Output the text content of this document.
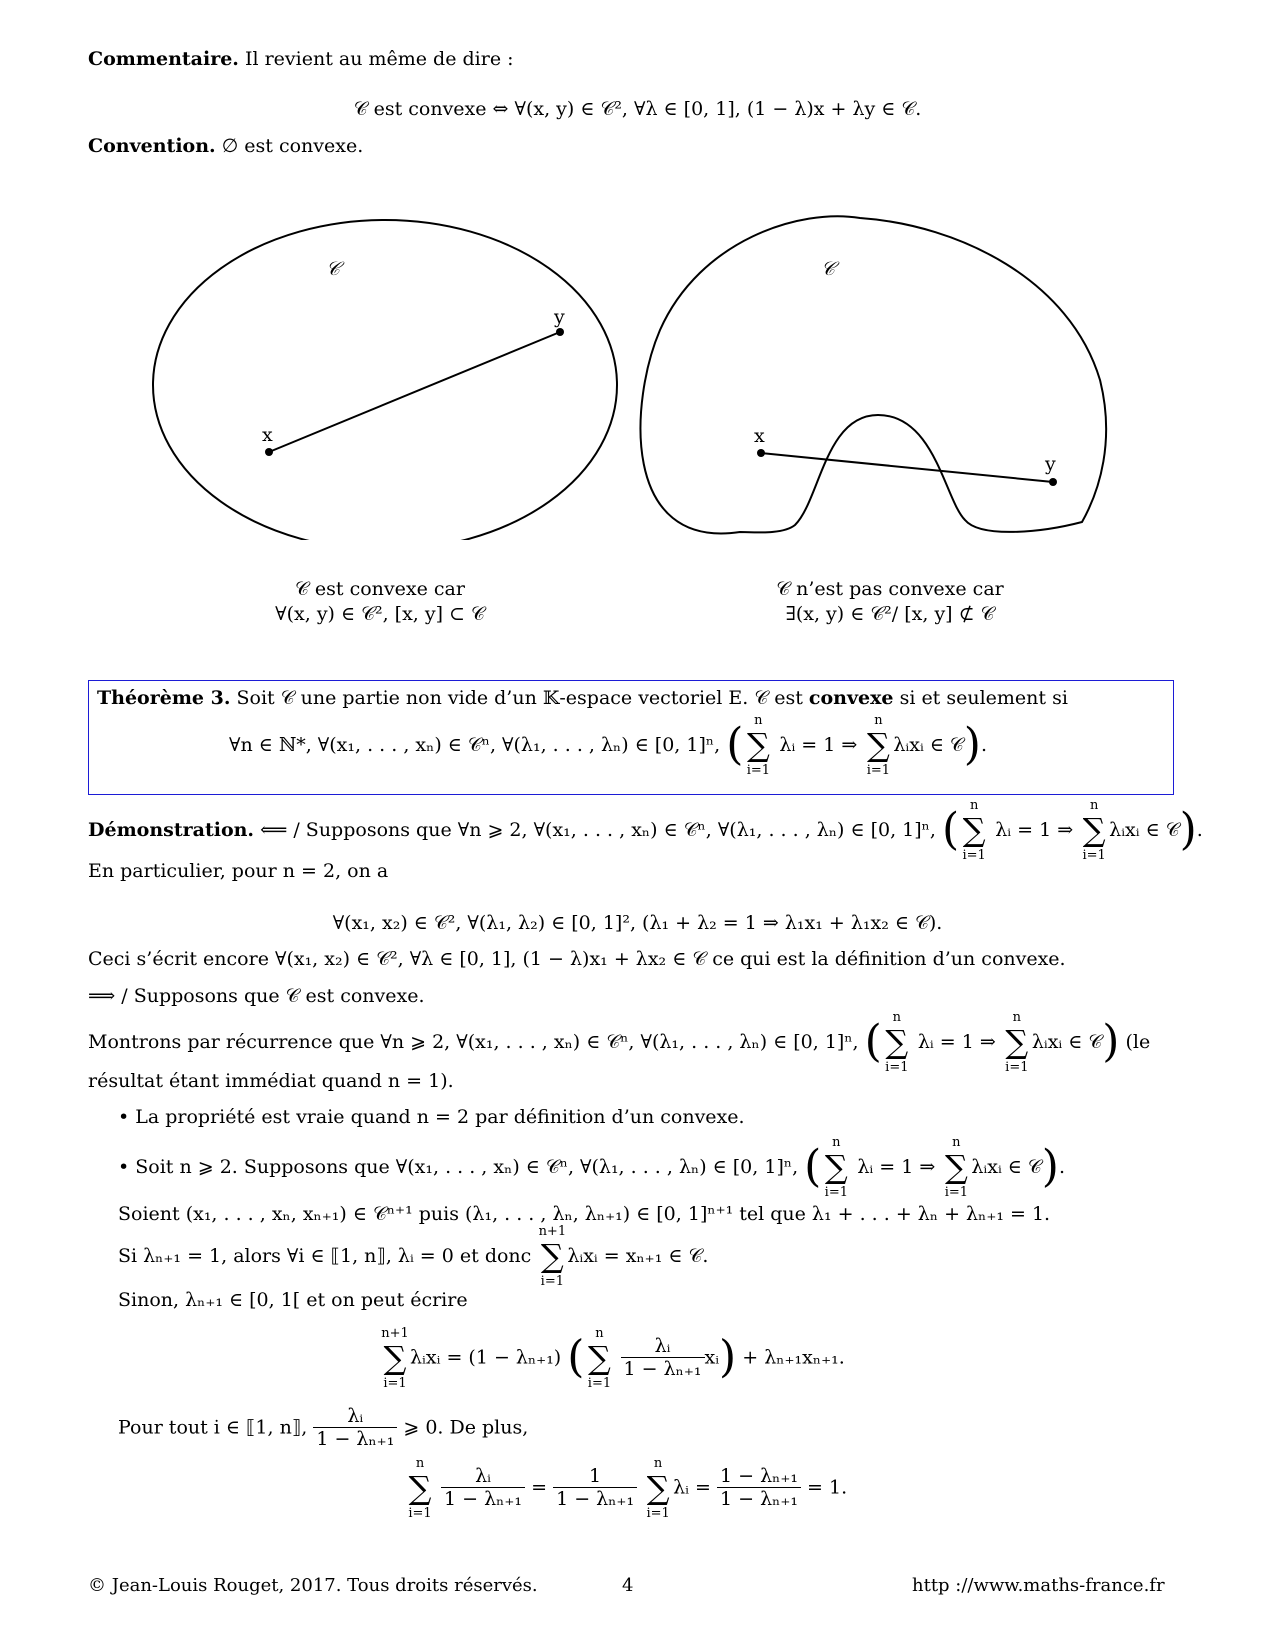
Commentaire. Il revient au même de dire :
𝒞 est convexe ⇔ ∀(x, y) ∈ 𝒞², ∀λ ∈ [0, 1], (1 − λ)x + λy ∈ 𝒞.
Convention. ∅ est convexe.
𝒞
y
x
𝒞
x
y
𝒞 est convexe car
∀(x, y) ∈ 𝒞², [x, y] ⊂ 𝒞
𝒞 n’est pas convexe car
∃(x, y) ∈ 𝒞²/ [x, y] ⊄ 𝒞
Théorème 3. Soit 𝒞 une partie non vide d’un 𝕂-espace vectoriel E. 𝒞 est convexe si et seulement si
∀n ∈ ℕ*, ∀(x₁, . . . , xₙ) ∈ 𝒞ⁿ, ∀(λ₁, . . . , λₙ) ∈ [0, 1]ⁿ, ( n
∑
i=1
λᵢ = 1 ⇒
n
∑
i=1
λᵢxᵢ ∈ 𝒞).
Démonstration. ⟸ / Supposons que ∀n ⩾ 2, ∀(x₁, . . . , xₙ) ∈ 𝒞ⁿ, ∀(λ₁, . . . , λₙ) ∈ [0, 1]ⁿ, ( n
∑
i=1
λᵢ = 1 ⇒
n
∑
i=1
λᵢxᵢ ∈ 𝒞).
En particulier, pour n = 2, on a
∀(x₁, x₂) ∈ 𝒞², ∀(λ₁, λ₂) ∈ [0, 1]², (λ₁ + λ₂ = 1 ⇒ λ₁x₁ + λ₁x₂ ∈ 𝒞).
Ceci s’écrit encore ∀(x₁, x₂) ∈ 𝒞², ∀λ ∈ [0, 1], (1 − λ)x₁ + λx₂ ∈ 𝒞 ce qui est la définition d’un convexe.
⟹ / Supposons que 𝒞 est convexe.
Montrons par récurrence que ∀n ⩾ 2, ∀(x₁, . . . , xₙ) ∈ 𝒞ⁿ, ∀(λ₁, . . . , λₙ) ∈ [0, 1]ⁿ, ( n
∑
i=1
λᵢ = 1 ⇒
n
∑
i=1
λᵢxᵢ ∈ 𝒞) (le
résultat étant immédiat quand n = 1).
• La propriété est vraie quand n = 2 par définition d’un convexe.
• Soit n ⩾ 2. Supposons que ∀(x₁, . . . , xₙ) ∈ 𝒞ⁿ, ∀(λ₁, . . . , λₙ) ∈ [0, 1]ⁿ, ( n
∑
i=1
λᵢ = 1 ⇒
n
∑
i=1
λᵢxᵢ ∈ 𝒞).
Soient (x₁, . . . , xₙ, xₙ₊₁) ∈ 𝒞ⁿ⁺¹ puis (λ₁, . . . , λₙ, λₙ₊₁) ∈ [0, 1]ⁿ⁺¹ tel que λ₁ + . . . + λₙ + λₙ₊₁ = 1.
Si λₙ₊₁ = 1, alors ∀i ∈ ⟦1, n⟧, λᵢ = 0 et donc
n+1
∑
i=1
λᵢxᵢ = xₙ₊₁ ∈ 𝒞.
Sinon, λₙ₊₁ ∈ [0, 1[ et on peut écrire
n+1
∑
i=1
λᵢxᵢ = (1 − λₙ₊₁) ( n
∑
i=1

$\frac{\text{λᵢ}}{\text{1 − λₙ₊₁}}$ xᵢ) + λₙ₊₁xₙ₊₁.
Pour tout i ∈ ⟦1, n⟧, $\frac{\text{λᵢ}}{\text{1 − λₙ₊₁}}$ ⩾ 0. De plus,
n
∑
i=1

$\frac{\text{λᵢ}}{\text{1 − λₙ₊₁}} = \frac{1}{\text{1 − λₙ₊₁}}$

n
∑
i=1
λᵢ = $\frac{\text{1 − λₙ₊₁}}{\text{1 − λₙ₊₁}} = 1$.
© Jean-Louis Rouget, 2017. Tous droits réservés.	4	http ://www.maths-france.fr
